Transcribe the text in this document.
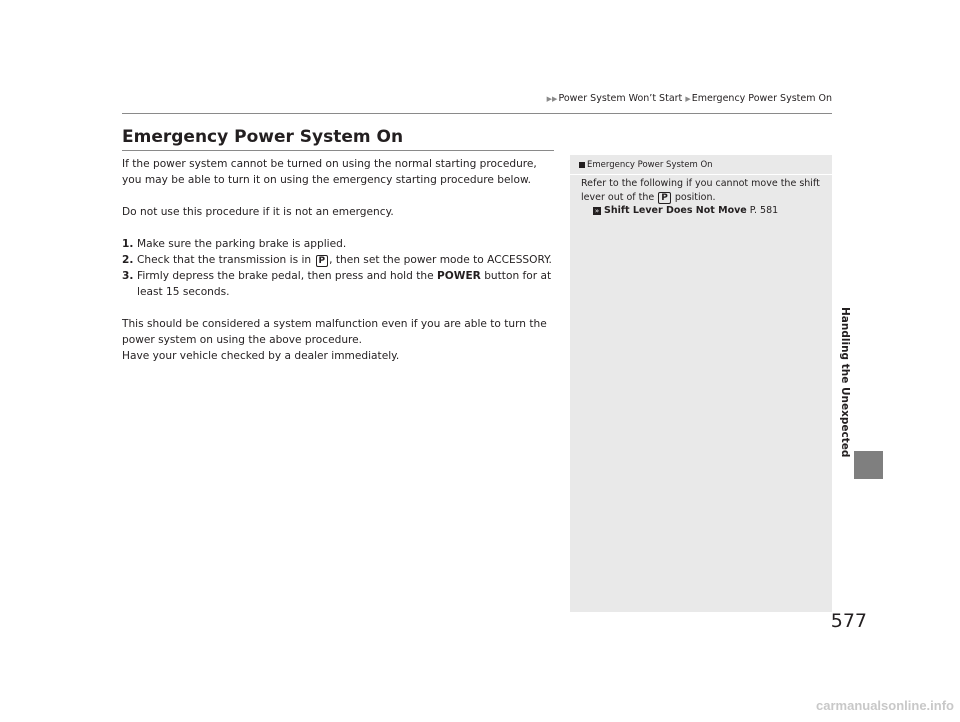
▶▶Power System Won’t Start ▶Emergency Power System On
Emergency Power System On

If the power system cannot be turned on using the normal starting procedure, you may be able to turn it on using the emergency starting procedure below.

Do not use this procedure if it is not an emergency.

1. Make sure the parking brake is applied.
2. Check that the transmission is in P , then set the power mode to ACCESSORY.
3. Firmly depress the brake pedal, then press and hold the POWER button for at least 15 seconds.

This should be considered a system malfunction even if you are able to turn the power system on using the above procedure.

Have your vehicle checked by a dealer immediately.

Emergency Power System On

Refer to the following if you cannot move the shift lever out of the P position.

» Shift Lever Does Not Move P. 581

Handling the Unexpected
577
carmanualsonline.info
